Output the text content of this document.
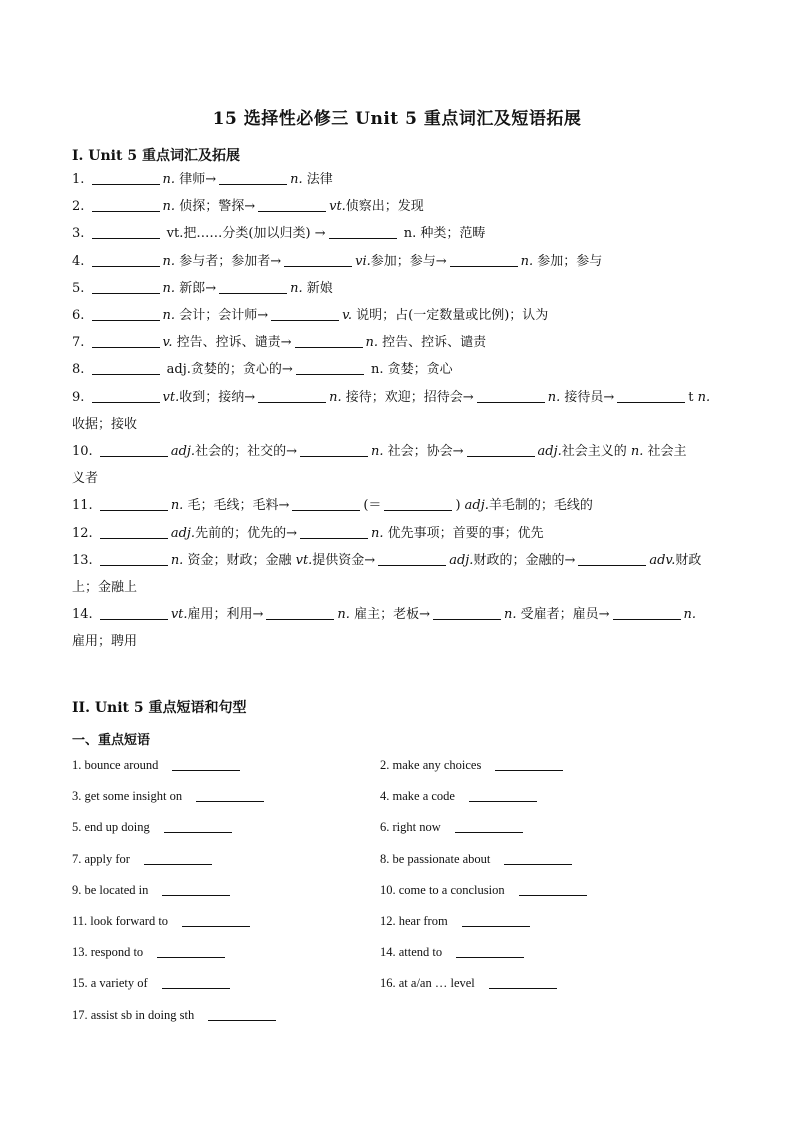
15 选择性必修三 Unit 5 重点词汇及短语拓展
I. Unit 5 重点词汇及拓展
1.	n. 律师→	n. 法律
2.	n. 侦探；警探→	vt.侦察出；发现
3.	vt.把……分类(加以归类) →	n. 种类；范畴
4.	n. 参与者；参加者→	vi.参加；参与→	n. 参加；参与
5.	n. 新郎→	n. 新娘
6.	n. 会计；会计师→	v. 说明；占(一定数量或比例)；认为
7.	v. 控告、控诉、谴责→	n. 控告、控诉、谴责
8.	adj.贪婪的；贪心的→	n. 贪婪；贪心
9.	vt.收到；接纳→	n. 接待；欢迎；招待会→	n. 接待员→	t n.
收据；接收
10.	adj.社会的；社交的→	n. 社会；协会→	adj.社会主义的 n. 社会主
义者
11.	n. 毛；毛线；毛料→	(＝	) adj.羊毛制的；毛线的
12.	adj.先前的；优先的→	n. 优先事项；首要的事；优先
13.	n. 资金；财政；金融 vt.提供资金→	adj.财政的；金融的→	adv.财政
上；金融上
14.	vt.雇用；利用→	n. 雇主；老板→	n. 受雇者；雇员→	n.
雇用；聘用
II. Unit 5 重点短语和句型
一、重点短语
1. bounce around	2. make any choices
3. get some insight on	4. make a code
5. end up doing	6. right now
7. apply for	8. be passionate about
9. be located in	10. come to a conclusion
11. look forward to	12. hear from
13. respond to	14. attend to
15. a variety of	16. at a/an … level
17. assist sb in doing sth
